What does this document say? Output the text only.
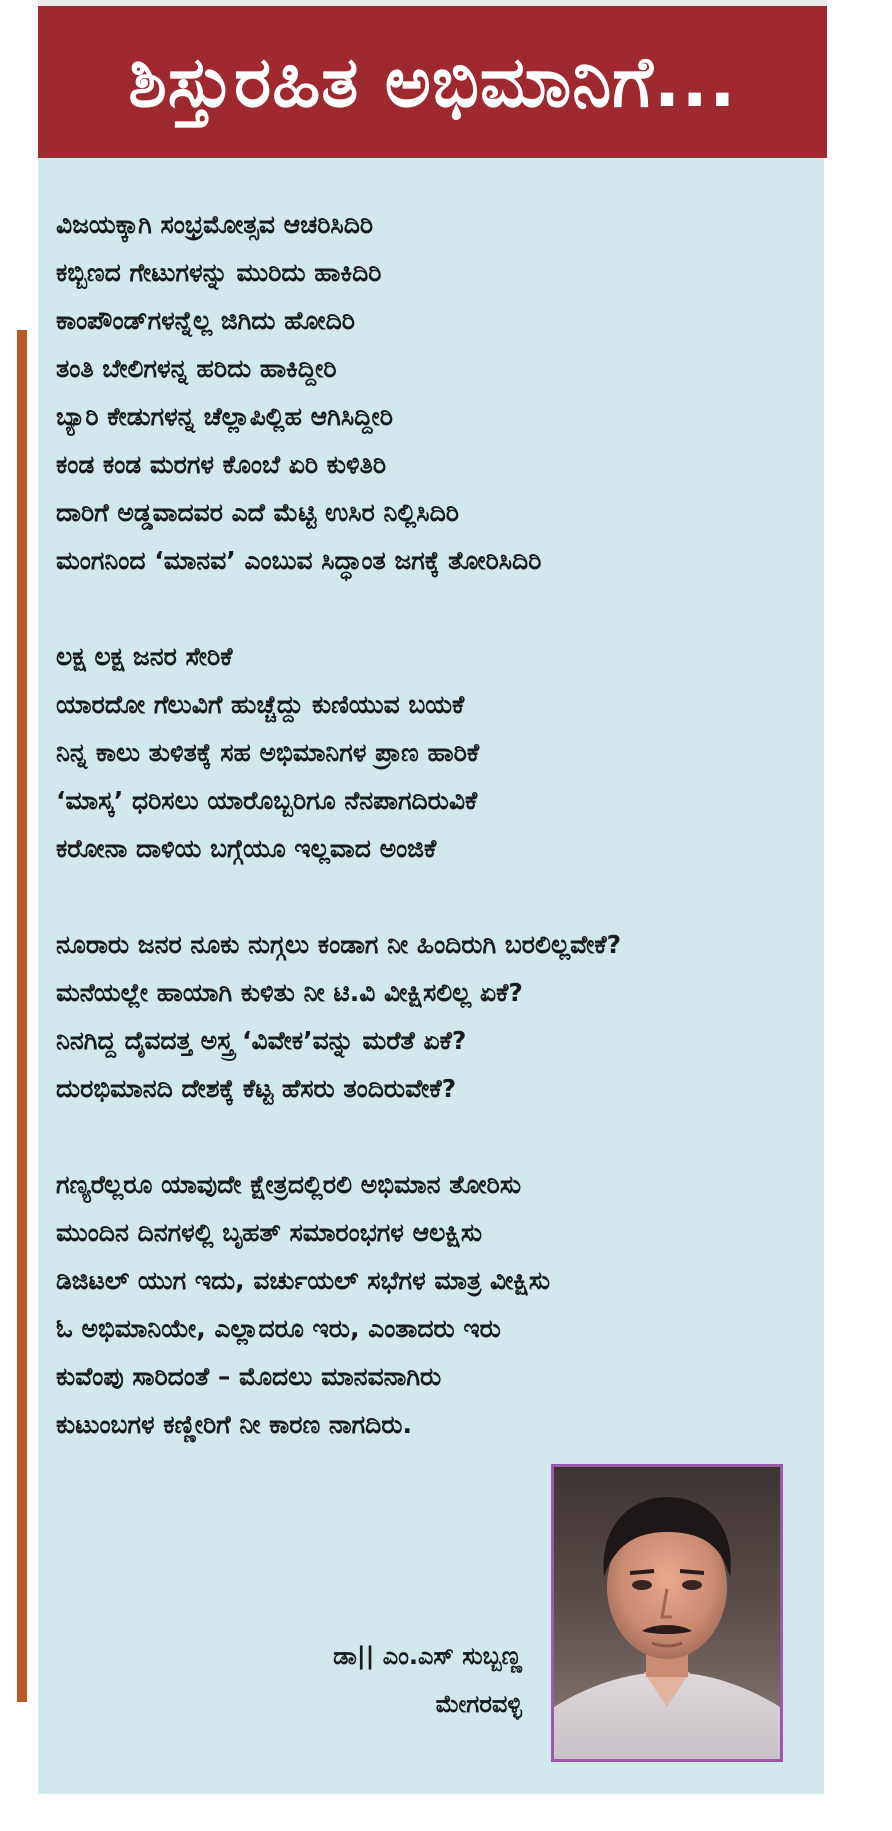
ಶಿಸ್ತುರಹಿತ ಅಭಿಮಾನಿಗೆ...
ವಿಜಯಕ್ಕಾಗಿ ಸಂಭ್ರಮೋತ್ಸವ ಆಚರಿಸಿದಿರಿ
ಕಬ್ಬಿಣದ ಗೇಟುಗಳನ್ನು ಮುರಿದು ಹಾಕಿದಿರಿ
ಕಾಂಪೌಂಡ್‌ಗಳನ್ನೆಲ್ಲ ಜಿಗಿದು ಹೋದಿರಿ
ತಂತಿ ಬೇಲಿಗಳನ್ನ ಹರಿದು ಹಾಕಿದ್ದೀರಿ
ಬ್ಯಾರಿ ಕೇಡುಗಳನ್ನ ಚೆಲ್ಲಾಪಿಲ್ಲಿಹ ಆಗಿಸಿದ್ದೀರಿ
ಕಂಡ ಕಂಡ ಮರಗಳ ಕೊಂಬೆ ಏರಿ ಕುಳಿತಿರಿ
ದಾರಿಗೆ ಅಡ್ಡವಾದವರ ಎದೆ ಮೆಟ್ಟಿ ಉಸಿರ ನಿಲ್ಲಿಸಿದಿರಿ
ಮಂಗನಿಂದ ‘ಮಾನವ’ ಎಂಬುವ ಸಿದ್ಧಾಂತ ಜಗಕ್ಕೆ ತೋರಿಸಿದಿರಿ
ಲಕ್ಷ ಲಕ್ಷ ಜನರ ಸೇರಿಕೆ
ಯಾರದೋ ಗೆಲುವಿಗೆ ಹುಚ್ಚೆದ್ದು ಕುಣಿಯುವ ಬಯಕೆ
ನಿನ್ನ ಕಾಲು ತುಳಿತಕ್ಕೆ ಸಹ ಅಭಿಮಾನಿಗಳ ಪ್ರಾಣ ಹಾರಿಕೆ
‘ಮಾಸ್ಕ’ ಧರಿಸಲು ಯಾರೊಬ್ಬರಿಗೂ ನೆನಪಾಗದಿರುವಿಕೆ
ಕರೋನಾ ದಾಳಿಯ ಬಗ್ಗೆಯೂ ಇಲ್ಲವಾದ ಅಂಜಿಕೆ
ನೂರಾರು ಜನರ ನೂಕು ನುಗ್ಗಲು ಕಂಡಾಗ ನೀ ಹಿಂದಿರುಗಿ ಬರಲಿಲ್ಲವೇಕೆ?
ಮನೆಯಲ್ಲೇ ಹಾಯಾಗಿ ಕುಳಿತು ನೀ ಟಿ.ವಿ ವೀಕ್ಷಿಸಲಿಲ್ಲ ಏಕೆ?
ನಿನಗಿದ್ದ ದೈವದತ್ತ ಅಸ್ತ್ರ ‘ವಿವೇಕ’ವನ್ನು ಮರೆತೆ ಏಕೆ?
ದುರಭಿಮಾನದಿ ದೇಶಕ್ಕೆ ಕೆಟ್ಟ ಹೆಸರು ತಂದಿರುವೇಕೆ?
ಗಣ್ಯರೆಲ್ಲರೂ ಯಾವುದೇ ಕ್ಷೇತ್ರದಲ್ಲಿರಲಿ ಅಭಿಮಾನ ತೋರಿಸು
ಮುಂದಿನ ದಿನಗಳಲ್ಲಿ ಬೃಹತ್ ಸಮಾರಂಭಗಳ ಆಲಕ್ಷಿಸು
ಡಿಜಿಟಲ್ ಯುಗ ಇದು, ವರ್ಚುಯಲ್ ಸಭೆಗಳ ಮಾತ್ರ ವೀಕ್ಷಿಸು
ಓ ಅಭಿಮಾನಿಯೇ, ಎಲ್ಲಾದರೂ ಇರು, ಎಂತಾದರು ಇರು
ಕುವೆಂಪು ಸಾರಿದಂತೆ – ಮೊದಲು ಮಾನವನಾಗಿರು
ಕುಟುಂಬಗಳ ಕಣ್ಣೀರಿಗೆ ನೀ ಕಾರಣ ನಾಗದಿರು.
ಡಾ|| ಎಂ.ಎಸ್ ಸುಬ್ಬಣ್ಣ
ಮೇಗರವಳ್ಳಿ
